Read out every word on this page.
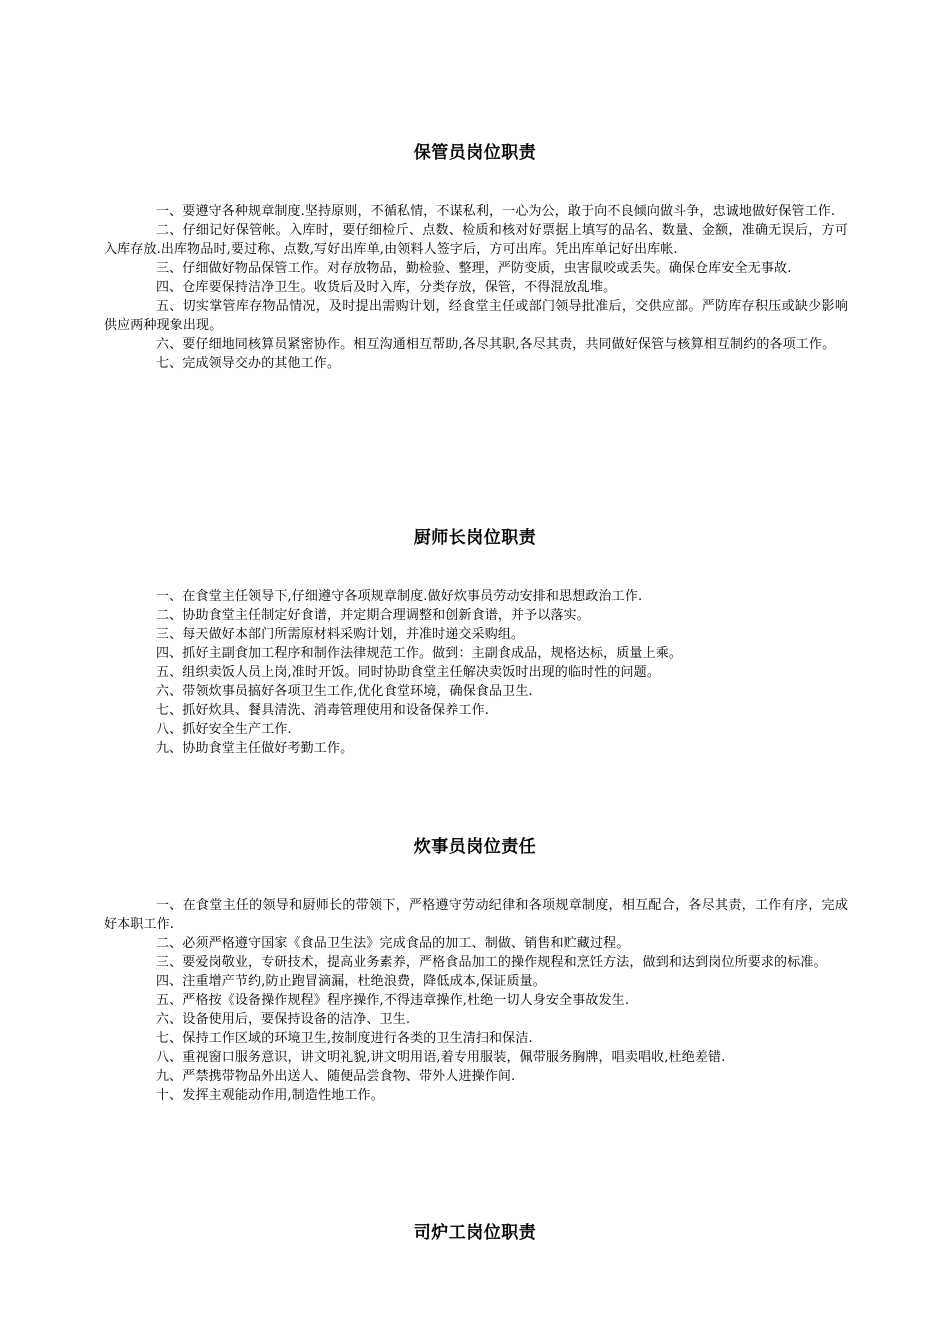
保管员岗位职责

一、要遵守各种规章制度.坚持原则，不循私情，不谋私利，一心为公，敢于向不良倾向做斗争，忠诚地做好保管工作.

二、仔细记好保管帐。入库时，要仔细检斤、点数、检质和核对好票据上填写的品名、数量、金额，准确无误后，方可入库存放.出库物品时,要过称、点数,写好出库单,由领料人签字后，方可出库。凭出库单记好出库帐.

三、仔细做好物品保管工作。对存放物品，勤检验、整理，严防变质，虫害鼠咬或丢失。确保仓库安全无事故.

四、仓库要保持洁净卫生。收货后及时入库，分类存放，保管，不得混放乱堆。

五、切实掌管库存物品情况，及时提出需购计划，经食堂主任或部门领导批准后，交供应部。严防库存积压或缺少影响供应两种现象出现。

六、要仔细地同核算员紧密协作。相互沟通相互帮助,各尽其职,各尽其责，共同做好保管与核算相互制约的各项工作。

七、完成领导交办的其他工作。

厨师长岗位职责

一、在食堂主任领导下,仔细遵守各项规章制度.做好炊事员劳动安排和思想政治工作.

二、协助食堂主任制定好食谱，并定期合理调整和创新食谱，并予以落实。

三、每天做好本部门所需原材料采购计划，并准时递交采购组。

四、抓好主副食加工程序和制作法律规范工作。做到：主副食成品，规格达标，质量上乘。

五、组织卖饭人员上岗,准时开饭。同时协助食堂主任解决卖饭时出现的临时性的问题。

六、带领炊事员搞好各项卫生工作,优化食堂环境，确保食品卫生.

七、抓好炊具、餐具清洗、消毒管理使用和设备保养工作.

八、抓好安全生产工作.

九、协助食堂主任做好考勤工作。

炊事员岗位责任

一、在食堂主任的领导和厨师长的带领下，严格遵守劳动纪律和各项规章制度，相互配合，各尽其责，工作有序，完成好本职工作.

二、必须严格遵守国家《食品卫生法》完成食品的加工、制做、销售和贮藏过程。

三、要爱岗敬业，专研技术，提高业务素养，严格食品加工的操作规程和烹饪方法，做到和达到岗位所要求的标准。

四、注重增产节约,防止跑冒滴漏，杜绝浪费，降低成本,保证质量。

五、严格按《设备操作规程》程序操作,不得违章操作,杜绝一切人身安全事故发生.

六、设备使用后，要保持设备的洁净、卫生.

七、保持工作区域的环境卫生,按制度进行各类的卫生清扫和保洁.

八、重视窗口服务意识，讲文明礼貌,讲文明用语,着专用服装，佩带服务胸牌，唱卖唱收,杜绝差错.

九、严禁携带物品外出送人、随便品尝食物、带外人进操作间.

十、发挥主观能动作用,制造性地工作。

司炉工岗位职责
